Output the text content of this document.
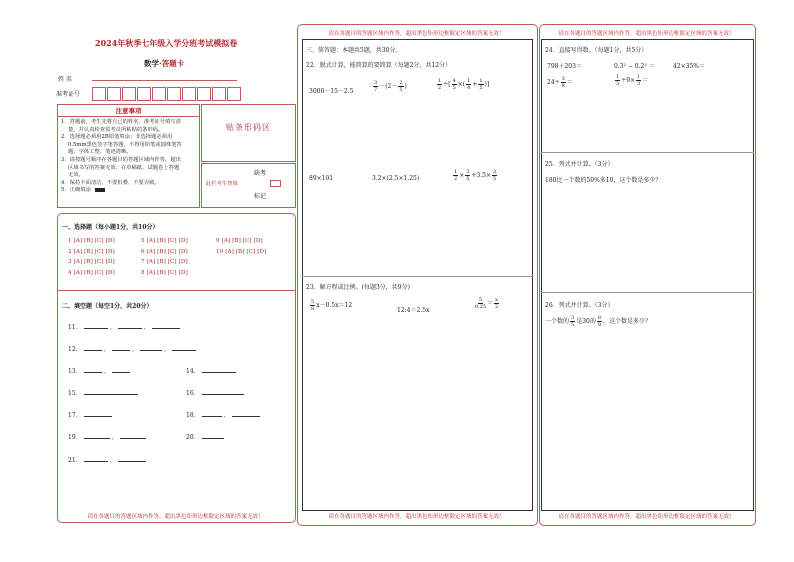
2024年秋季七年级入学分班考试模拟卷
数学·答题卡
姓 名
准考证号
注意事项
1．答题前，考生先将自己的姓名，准考证号填写清
楚，并认真检查监考员所粘贴的条形码。
2．选择题必须用2B铅笔填涂；非选择题必须用
0.5mm黑色签字笔答题，不得用铅笔或圆珠笔答
题；字体工整、笔迹清晰。
3．请按题号顺序在各题目的答题区域内作答，超出
区域书写的答案无效；在草稿纸、试题卷上答题
无效。
4．保持卡面清洁，不要折叠、不要弄破。
5．正确填涂
贴条形码区
缺考
此栏考生禁填
标记
一、选择题（每小题1分，共10分）
1 [A] [B] [C] [D]
2 [A] [B] [C] [D]
3 [A] [B] [C] [D]
4 [A] [B] [C] [D]
5 [A] [B] [C] [D]
6 [A] [B] [C] [D]
7 [A] [B] [C] [D]
8 [A] [B] [C] [D]
9 [A] [B] [C] [D]
10 [A] [B] [C] [D]
二、填空题（每空1分，共20分）
11．	、	、
12．	、	、	、
13．	、	14．
15．	16．
17．	18．	、
19．	、	20．
21．	、
请在各题目的答题区域内作答，超出黑色矩形边框限定区域的答案无效！
请在各题目的答题区域内作答，超出黑色矩形边框限定区域的答案无效！
请在各题目的答题区域内作答，超出黑色矩形边框限定区域的答案无效！
三、简答题：本题共5题，共30分。
22．脱式计算，能简算的要简算（每题2分，共12分）
3000－15－2.5	$\frac{3}{7} -(2- \frac{2}{5}$ )	$\frac{1}{2}$ ÷[ $\frac{4}{5}$ ×( $\frac{1}{4} + \frac{1}{5}$ )]
89×101	3.2×(2.5×1.25)	$\frac{1}{2} \times \frac{3}{5} +3.5\times \frac{3}{5}$
23．解方程或比例。(每题3分，共9分)
$\frac{5}{8} x-0.5x=12$
12:4＝2.5x
$\frac{5}{0.25} = \frac{x}{2}$
请在各题目的答题区域内作答，超出黑色矩形边框限定区域的答案无效！
请在各题目的答题区域内作答，超出黑色矩形边框限定区域的答案无效！
24．直接写得数。（每题1分，共5分）
798＋203＝	0.3² − 0.2² ＝	42×35%＝
$24\div \frac{3}{8}$ ＝	$\frac{1}{3} \div 9\times \frac{1}{3}$ ＝
25．列式并计算。（3分）
180比一个数的50%多10，这个数是多少？
26．列式并计算。（3分）
一个数的 $\frac{3}{5}$ 是30的 $\frac{8}{9}$ ，这个数是多少？
